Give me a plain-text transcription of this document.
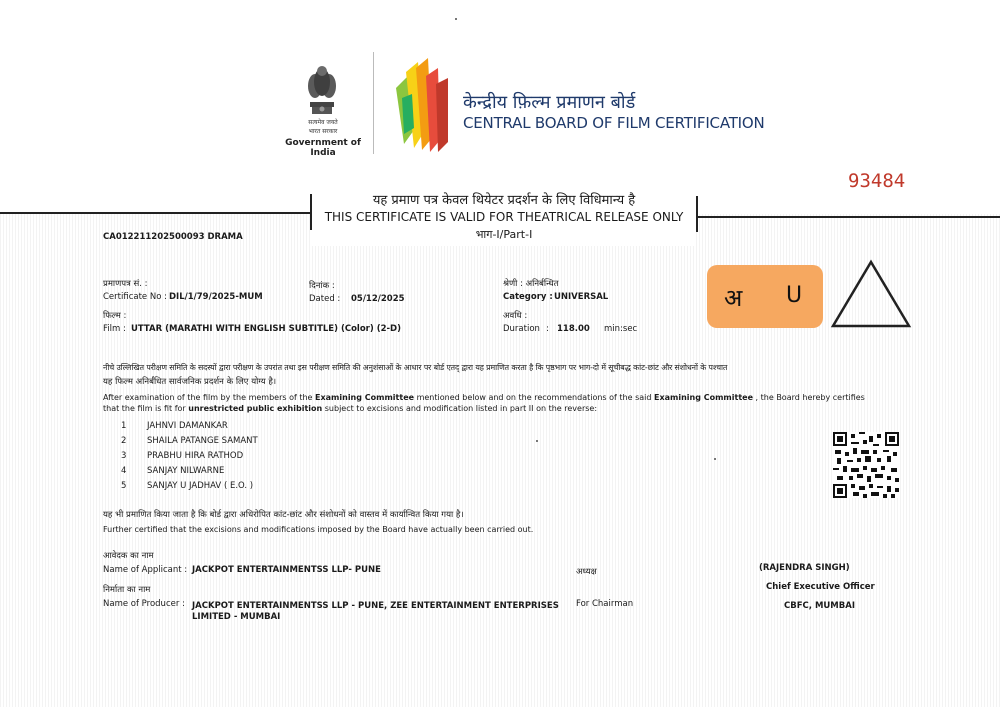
सत्यमेव जयते
भारत सरकार
Government of India
केन्द्रीय फ़िल्म प्रमाणन बोर्ड
CENTRAL BOARD OF FILM CERTIFICATION
93484
यह प्रमाण पत्र केवल थियेटर प्रदर्शन के लिए विधिमान्य है
THIS CERTIFICATE IS VALID FOR THEATRICAL RELEASE ONLY
भाग-I/Part-I
CA012211202500093 DRAMA
प्रमाणपत्र सं. :
Certificate No : DIL/1/79/2025-MUM
दिनांक :
Dated : 05/12/2025
श्रेणी : अनिर्बन्धित
Category : UNIVERSAL
फिल्म :
Film : UTTAR (MARATHI WITH ENGLISH SUBTITLE) (Color) (2-D)
अवधि :
Duration : 118.00 min:sec
अ U
नीचे उल्लिखित परीक्षण समिति के सदस्यों द्वारा परीक्षण के उपरांत तथा इस परीक्षण समिति की अनुशंसाओं के आधार पर बोर्ड एतद् द्वारा यह प्रमाणित करता है कि पृष्ठभाग पर भाग-दो में सूचीबद्ध कांट-छांट और संशोधनों के पश्चात
यह फिल्म अनिर्बंधित सार्वजनिक प्रदर्शन के लिए योग्य है।
After examination of the film by the members of the Examining Committee mentioned below and on the recommendations of the said Examining Committee , the Board hereby certifies
that the film is fit for unrestricted public exhibition subject to excisions and modification listed in part II on the reverse:
1 JAHNVI DAMANKAR
2 SHAILA PATANGE SAMANT
3 PRABHU HIRA RATHOD
4 SANJAY NILWARNE
5 SANJAY U JADHAV ( E.O. )
यह भी प्रमाणित किया जाता है कि बोर्ड द्वारा अधिरोपित कांट-छांट और संशोधनों को वास्तव में कार्यान्वित किया गया है।
Further certified that the excisions and modifications imposed by the Board have actually been carried out.
आवेदक का नाम
Name of Applicant : JACKPOT ENTERTAINMENTSS LLP- PUNE
निर्माता का नाम
Name of Producer : JACKPOT ENTERTAINMENTSS LLP - PUNE, ZEE ENTERTAINMENT ENTERPRISES
LIMITED - MUMBAI
अध्यक्ष
For Chairman
(RAJENDRA SINGH)
Chief Executive Officer
CBFC, MUMBAI
